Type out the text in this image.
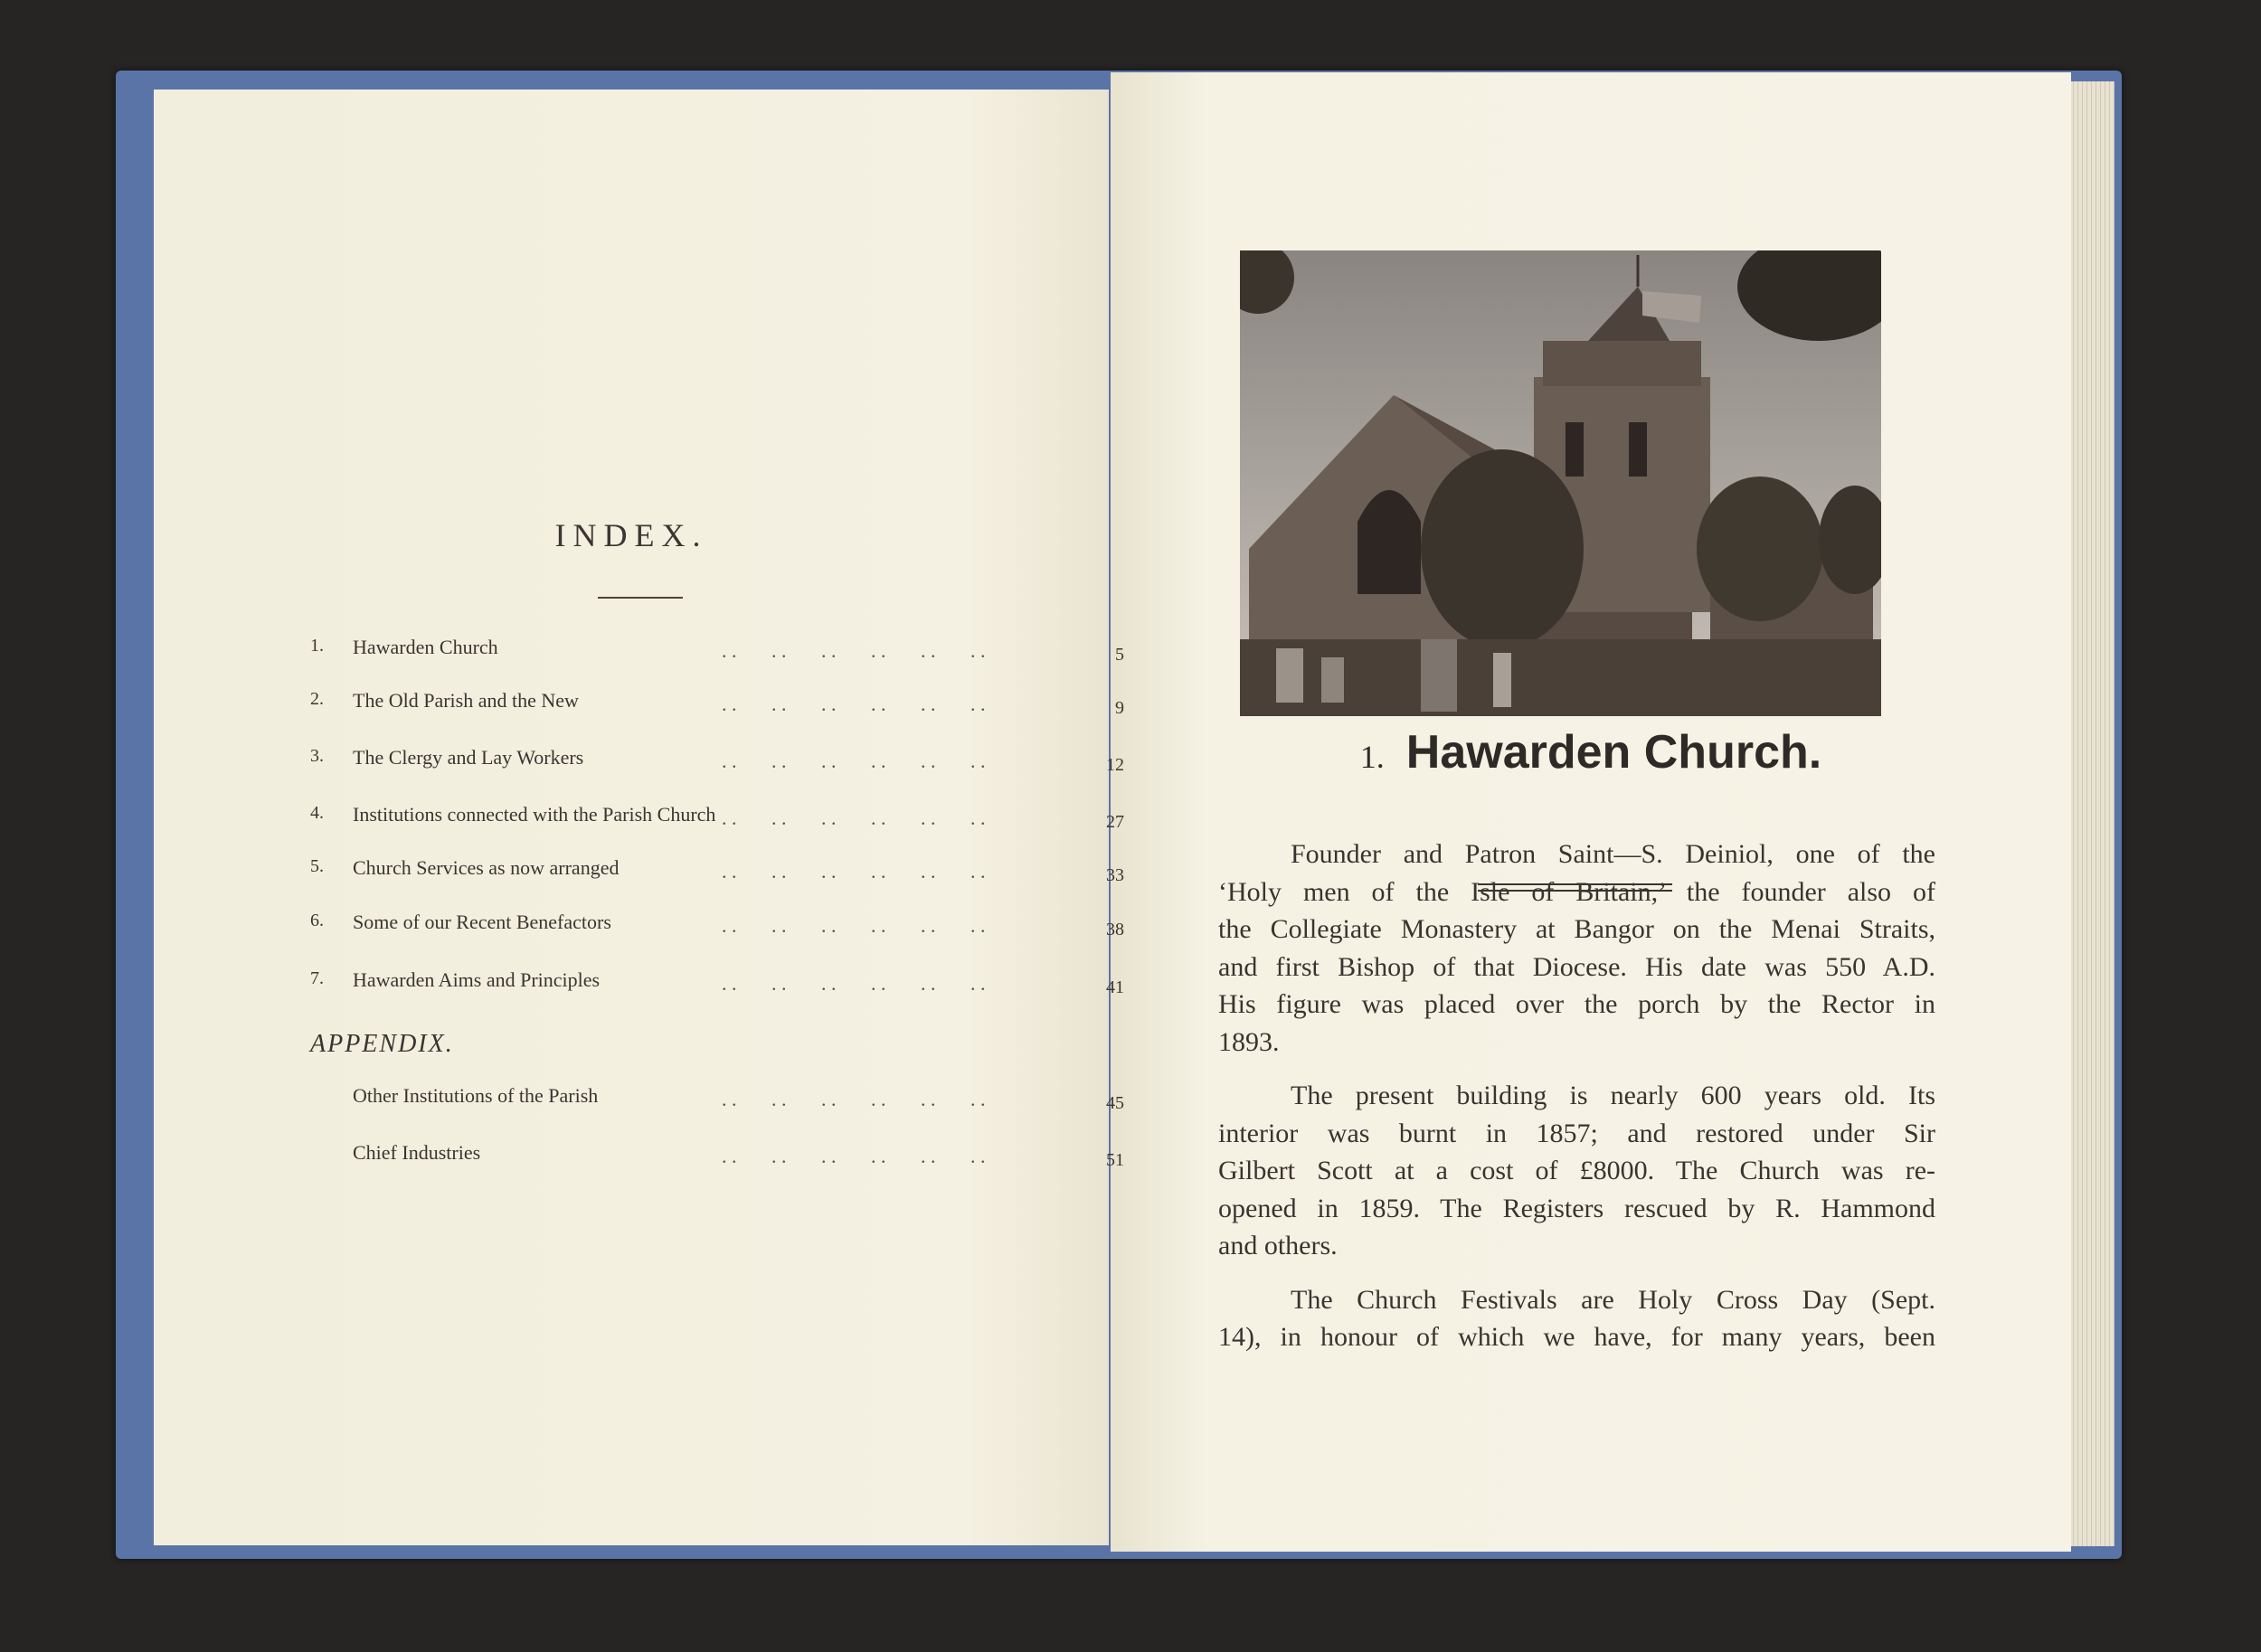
INDEX.
1. Hawarden Church	. .       . .       . .       . .       . .       . .	5
2. The Old Parish and the New	. .       . .       . .       . .       . .       . .	9
3. The Clergy and Lay Workers	. .       . .       . .       . .       . .       . .	12
4. Institutions connected with the Parish Church . .       . .       . .       . .       . .       . .	27
5. Church Services as now arranged	. .       . .       . .       . .       . .       . .	33
6. Some of our Recent Benefactors	. .       . .       . .       . .       . .       . .	38
7. Hawarden Aims and Principles	. .       . .       . .       . .       . .       . .	41
APPENDIX.
Other Institutions of the Parish	. .       . .       . .       . .       . .       . .	45
Chief Industries	. .       . .       . .       . .       . .       . .	51
1. Hawarden Church.
Founder and Patron Saint—S. Deiniol, one of the
‘Holy men of the Isle of Britain,’ the founder also of
the Collegiate Monastery at Bangor on the Menai Straits,
and first Bishop of that Diocese. His date was 550 A.D.
His figure was placed over the porch by the Rector in
1893.
The present building is nearly 600 years old. Its
interior was burnt in 1857; and restored under Sir
Gilbert Scott at a cost of £8000. The Church was re-
opened in 1859. The Registers rescued by R. Hammond
and others.
The Church Festivals are Holy Cross Day (Sept.
14), in honour of which we have, for many years, been
